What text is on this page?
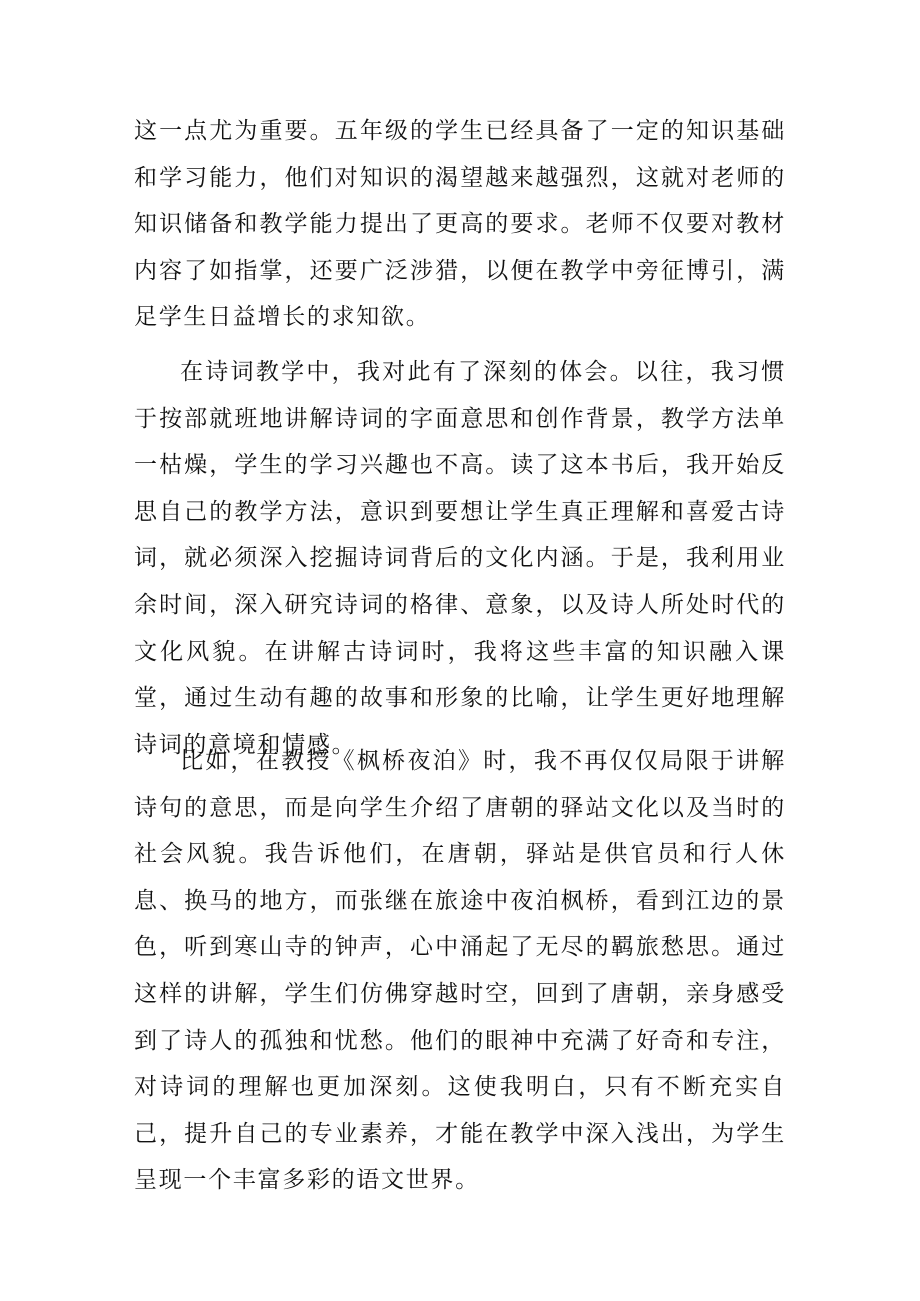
这一点尤为重要。五年级的学生已经具备了一定的知识基础和学习能力，他们对知识的渴望越来越强烈，这就对老师的知识储备和教学能力提出了更高的要求。老师不仅要对教材内容了如指掌，还要广泛涉猎，以便在教学中旁征博引，满足学生日益增长的求知欲。

在诗词教学中，我对此有了深刻的体会。以往，我习惯于按部就班地讲解诗词的字面意思和创作背景，教学方法单一枯燥，学生的学习兴趣也不高。读了这本书后，我开始反思自己的教学方法，意识到要想让学生真正理解和喜爱古诗词，就必须深入挖掘诗词背后的文化内涵。于是，我利用业余时间，深入研究诗词的格律、意象，以及诗人所处时代的文化风貌。在讲解古诗词时，我将这些丰富的知识融入课堂，通过生动有趣的故事和形象的比喻，让学生更好地理解诗词的意境和情感。

比如，在教授《枫桥夜泊》时，我不再仅仅局限于讲解诗句的意思，而是向学生介绍了唐朝的驿站文化以及当时的社会风貌。我告诉他们，在唐朝，驿站是供官员和行人休息、换马的地方，而张继在旅途中夜泊枫桥，看到江边的景色，听到寒山寺的钟声，心中涌起了无尽的羁旅愁思。通过这样的讲解，学生们仿佛穿越时空，回到了唐朝，亲身感受到了诗人的孤独和忧愁。他们的眼神中充满了好奇和专注，对诗词的理解也更加深刻。这使我明白，只有不断充实自己，提升自己的专业素养，才能在教学中深入浅出，为学生呈现一个丰富多彩的语文世界。
